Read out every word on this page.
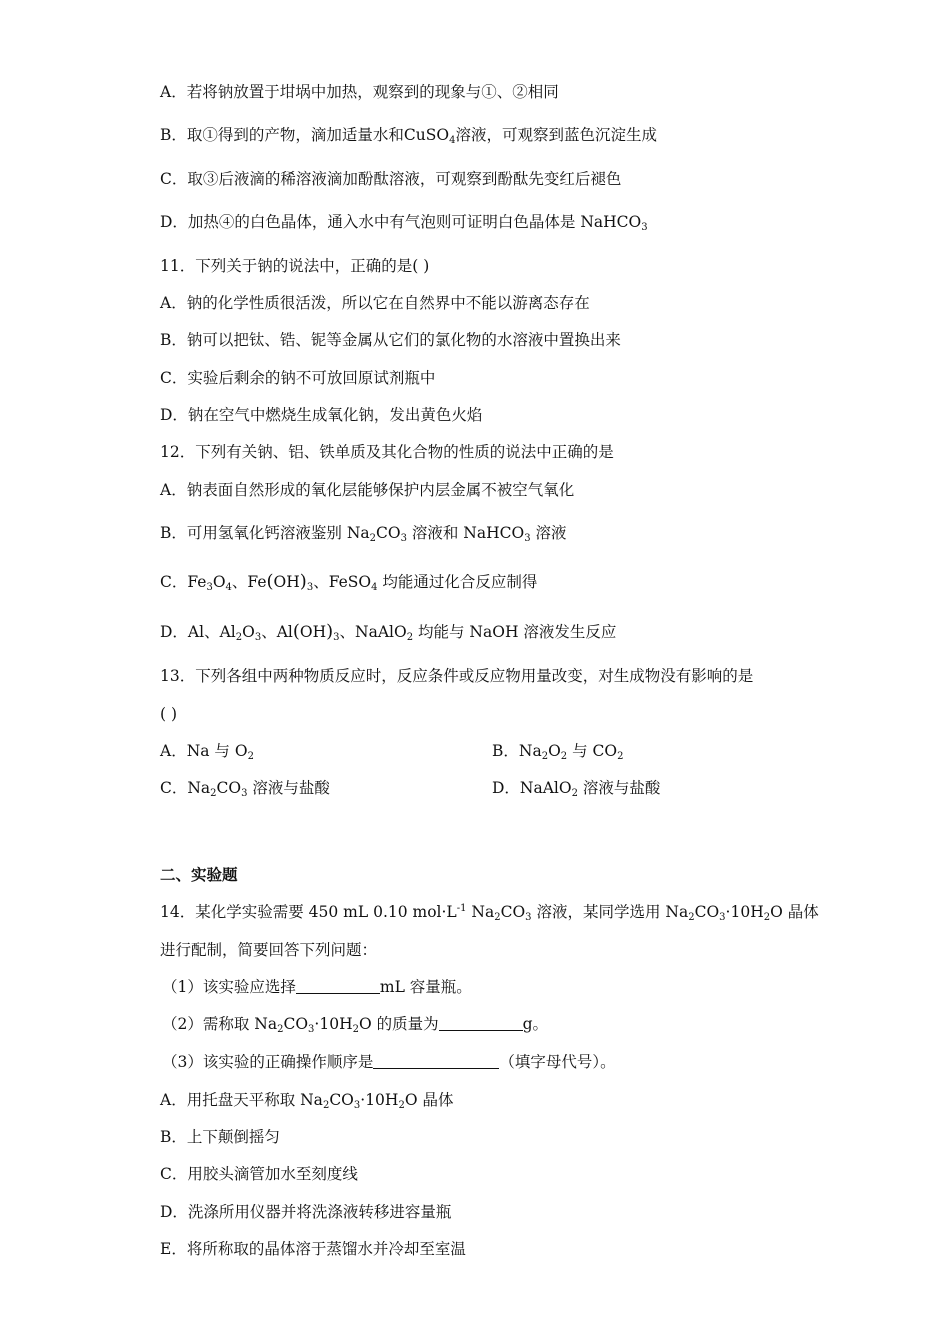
A．若将钠放置于坩埚中加热，观察到的现象与①、②相同
B．取①得到的产物，滴加适量水和CuSO$_4$溶液，可观察到蓝色沉淀生成
C．取③后液滴的稀溶液滴加酚酞溶液，可观察到酚酞先变红后褪色
D．加热④的白色晶体，通入水中有气泡则可证明白色晶体是 NaHCO$_3$
11．下列关于钠的说法中，正确的是( )
A．钠的化学性质很活泼，所以它在自然界中不能以游离态存在
B．钠可以把钛、锆、铌等金属从它们的氯化物的水溶液中置换出来
C．实验后剩余的钠不可放回原试剂瓶中
D．钠在空气中燃烧生成氧化钠，发出黄色火焰
12．下列有关钠、铝、铁单质及其化合物的性质的说法中正确的是
A．钠表面自然形成的氧化层能够保护内层金属不被空气氧化
B．可用氢氧化钙溶液鉴别 $Na_2CO_3$ 溶液和 NaHCO$_3$ 溶液
C．$Fe_3O_4$、$Fe(OH)_3$、FeSO$_4$ 均能通过化合反应制得
D．Al、$Al_2O_3$、$Al(OH)_3$、NaAlO$_2$ 均能与 NaOH 溶液发生反应
13．下列各组中两种物质反应时，反应条件或反应物用量改变，对生成物没有影响的是
( )
A．Na 与 $O_2$	B．$Na_2O_2$ 与 $CO_2$
C．$Na_2CO_3$ 溶液与盐酸	D．NaAlO$_2$ 溶液与盐酸
二、实验题
14．某化学实验需要 450 mL 0.10 $mol\cdot L^{-1}$ $Na_2CO_3$ 溶液，某同学选用 $Na_2CO_3\cdot 10H_2O$ 晶体
进行配制，简要回答下列问题：
（1）该实验应选择	mL 容量瓶。
（2）需称取 $Na_2CO_3\cdot 10H_2O$ 的质量为	g。
（3）该实验的正确操作顺序是	（填字母代号）。
A．用托盘天平称取 $Na_2CO_3\cdot 10H_2O$ 晶体
B．上下颠倒摇匀
C．用胶头滴管加水至刻度线
D．洗涤所用仪器并将洗涤液转移进容量瓶
E．将所称取的晶体溶于蒸馏水并冷却至室温
